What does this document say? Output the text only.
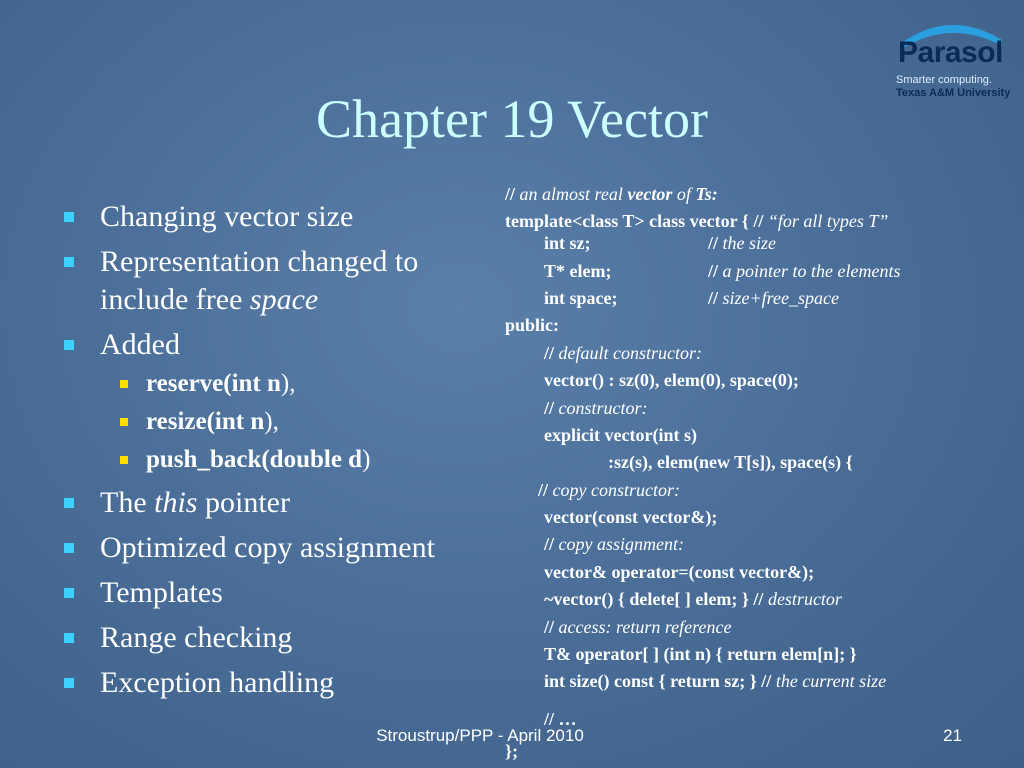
Parasol
Smarter computing.
Texas A&M University
Chapter 19 Vector
Changing vector size
Representation changed to
include free space
Added
reserve(int n),
resize(int n),
push_back(double d)
The this pointer
Optimized copy assignment
Templates
Range checking
Exception handling
// an almost real vector of Ts:
template<class T> class vector { // “for all types T”
int sz;	// the size
T* elem;	// a pointer to the elements
int space;	// size+free_space
public:
// default constructor:
vector() : sz(0), elem(0), space(0);
// constructor:
explicit vector(int s)
:sz(s), elem(new T[s]), space(s) {
// copy constructor:
vector(const vector&);
// copy assignment:
vector& operator=(const vector&);
~vector() { delete[ ] elem; } // destructor
// access: return reference
T& operator[ ] (int n) { return elem[n]; }
int size() const { return sz; } // the current size
// …
};
Stroustrup/PPP - April 2010	21
